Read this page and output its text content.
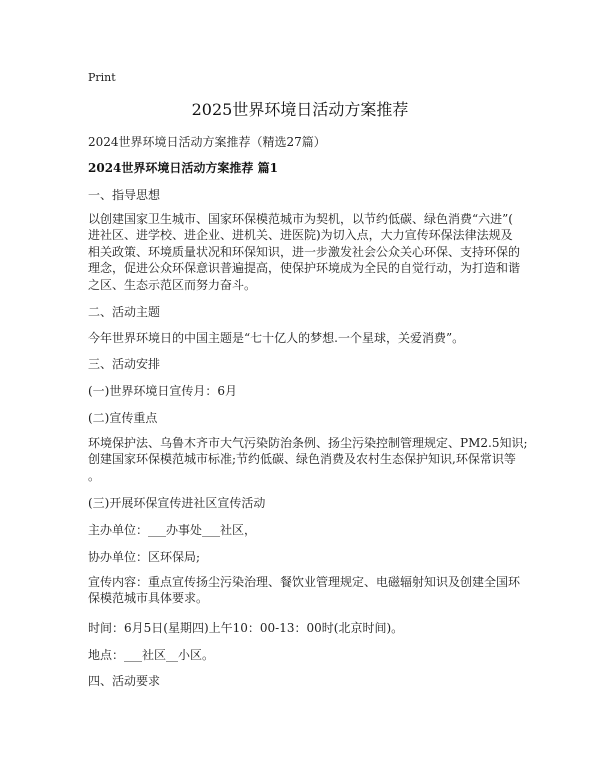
Print
2025世界环境日活动方案推荐
2024世界环境日活动方案推荐（精选27篇）
2024世界环境日活动方案推荐 篇1
一、指导思想
以创建国家卫生城市、国家环保模范城市为契机，以节约低碳、绿色消费“六进”(
进社区、进学校、进企业、进机关、进医院)为切入点，大力宣传环保法律法规及
相关政策、环境质量状况和环保知识，进一步激发社会公众关心环保、支持环保的
理念，促进公众环保意识普遍提高，使保护环境成为全民的自觉行动，为打造和谐
之区、生态示范区而努力奋斗。
二、活动主题
今年世界环境日的中国主题是“七十亿人的梦想.一个星球，关爱消费”。
三、活动安排
(一)世界环境日宣传月：6月
(二)宣传重点
环境保护法、乌鲁木齐市大气污染防治条例、扬尘污染控制管理规定、PM2.5知识;
创建国家环保模范城市标准;节约低碳、绿色消费及农村生态保护知识,环保常识等
。
(三)开展环保宣传进社区宣传活动
主办单位：___办事处___社区，
协办单位：区环保局;
宣传内容：重点宣传扬尘污染治理、餐饮业管理规定、电磁辐射知识及创建全国环
保模范城市具体要求。
时间：6月5日(星期四)上午10：00-13：00时(北京时间)。
地点：___社区__小区。
四、活动要求
